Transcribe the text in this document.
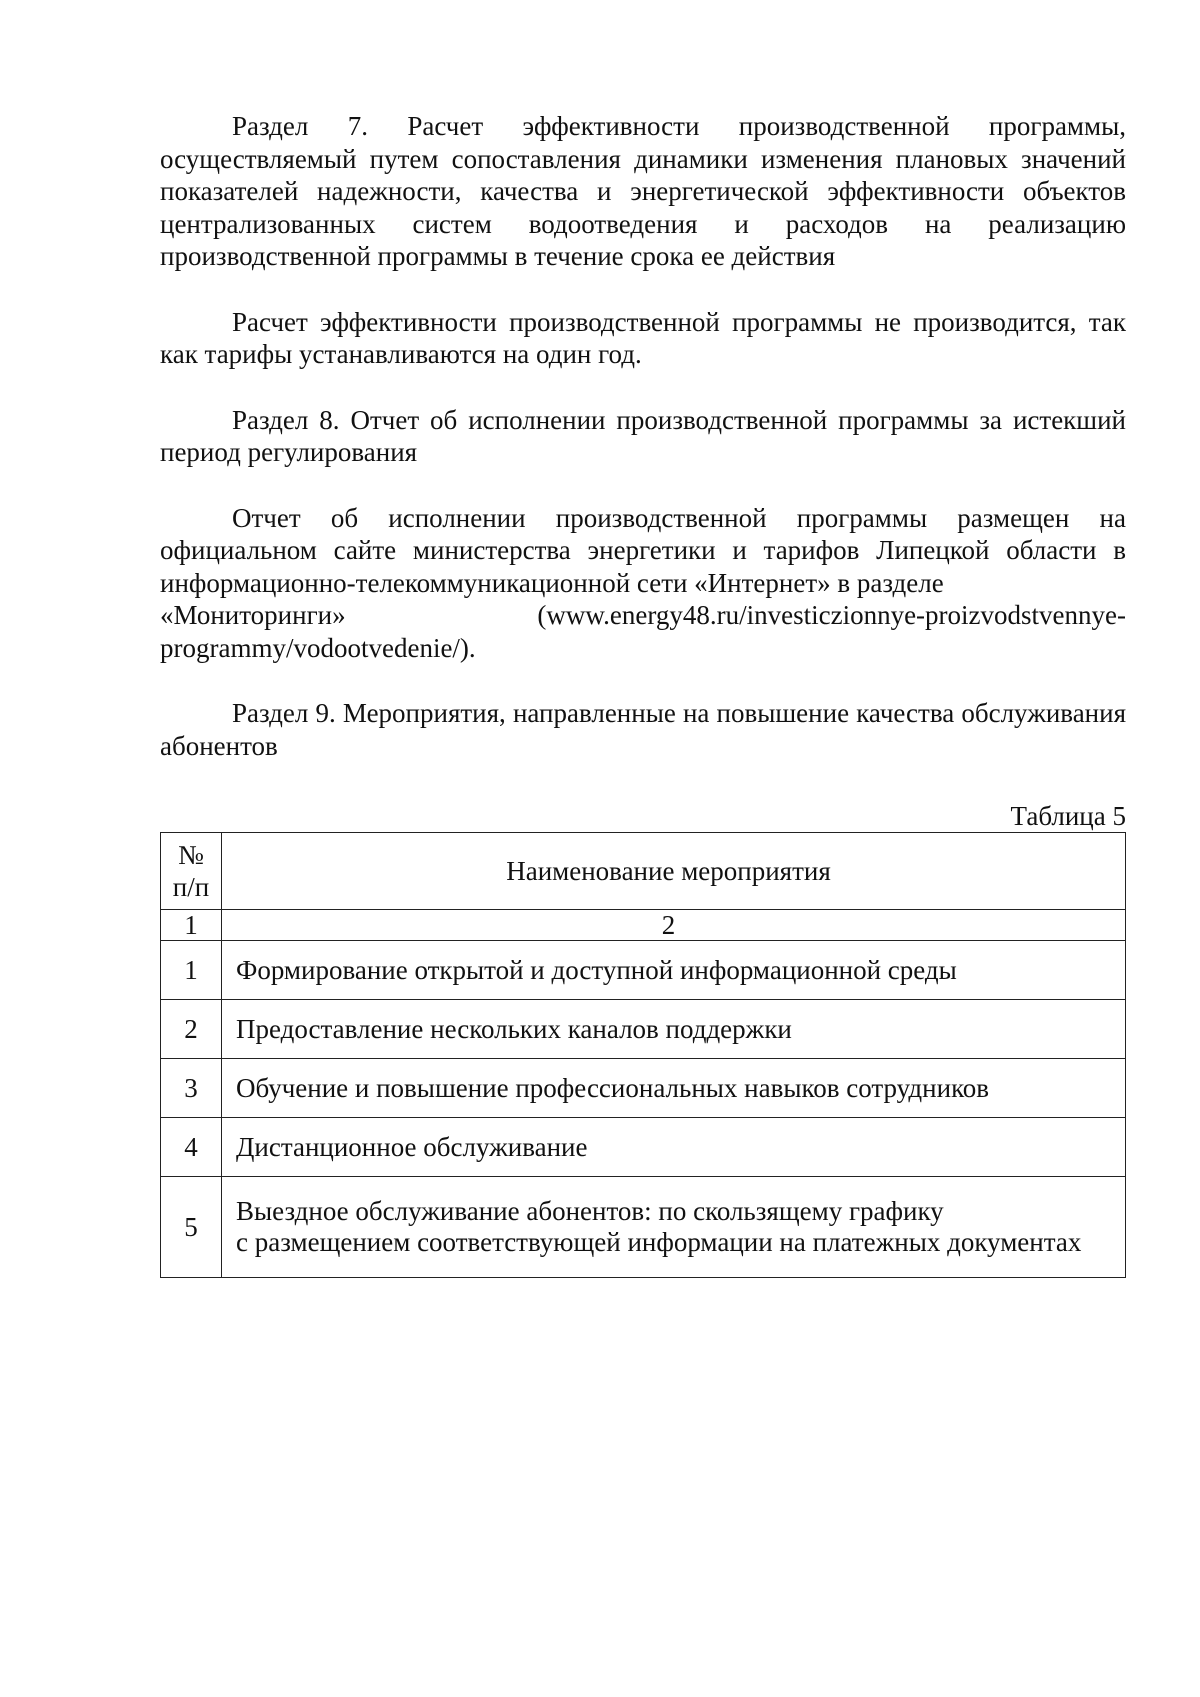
Раздел 7. Расчет эффективности производственной программы, осуществляемый путем сопоставления динамики изменения плановых значений показателей надежности, качества и энергетической эффективности объектов централизованных систем водоотведения и расходов на реализацию производственной программы в течение срока ее действия

Расчет эффективности производственной программы не производится, так как тарифы устанавливаются на один год.

Раздел 8. Отчет об исполнении производственной программы за истекший период регулирования

Отчет об исполнении производственной программы размещен на официальном сайте министерства энергетики и тарифов Липецкой области в информационно-телекоммуникационной сети «Интернет» в разделе

«Мониторинги»	(www.energy48.ru/investiczionnye-proizvodstvennye-

programmy/vodootvedenie/).

Раздел 9. Мероприятия, направленные на повышение качества обслуживания абонентов

Таблица 5
№
п/п	Наименование мероприятия
1	2
1	Формирование открытой и доступной информационной среды
2	Предоставление нескольких каналов поддержки
3	Обучение и повышение профессиональных навыков сотрудников
4	Дистанционное обслуживание
5	Выездное обслуживание абонентов: по скользящему графику
с размещением соответствующей информации на платежных документах
